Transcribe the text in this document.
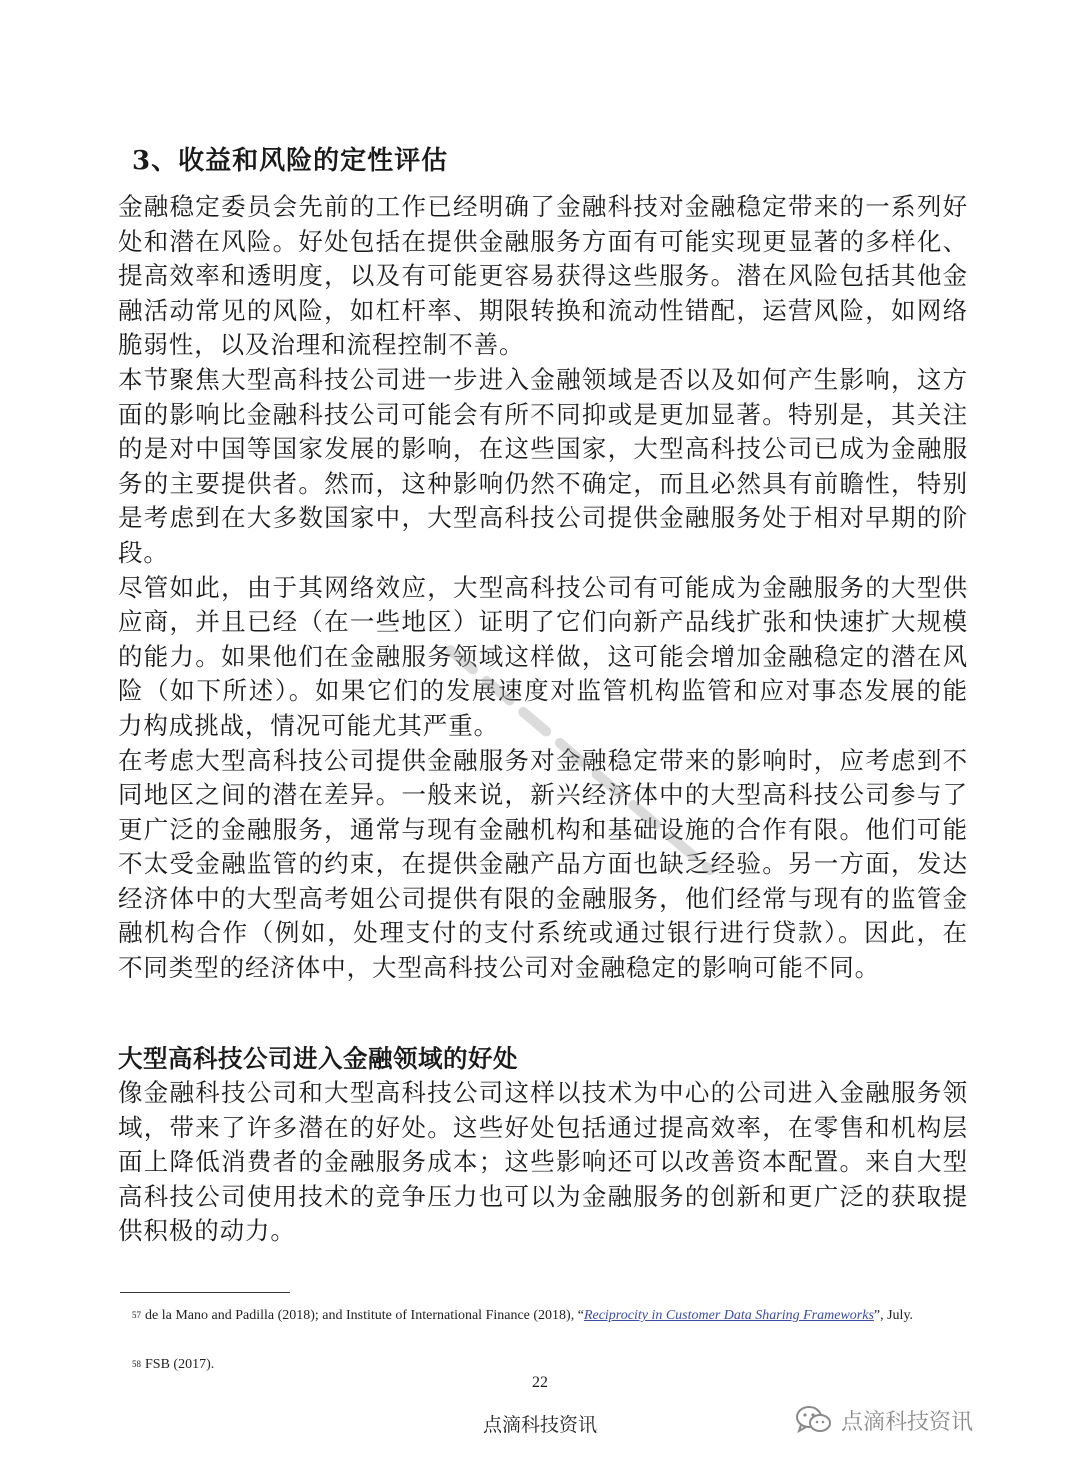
3、收益和风险的定性评估

金融稳定委员会先前的工作已经明确了金融科技对金融稳定带来的一系列好处和潜在风险。好处包括在提供金融服务方面有可能实现更显著的多样化、提高效率和透明度，以及有可能更容易获得这些服务。潜在风险包括其他金融活动常见的风险，如杠杆率、期限转换和流动性错配，运营风险，如网络脆弱性，以及治理和流程控制不善。

本节聚焦大型高科技公司进一步进入金融领域是否以及如何产生影响，这方面的影响比金融科技公司可能会有所不同抑或是更加显著。特别是，其关注的是对中国等国家发展的影响，在这些国家，大型高科技公司已成为金融服务的主要提供者。然而，这种影响仍然不确定，而且必然具有前瞻性，特别是考虑到在大多数国家中，大型高科技公司提供金融服务处于相对早期的阶段。

尽管如此，由于其网络效应，大型高科技公司有可能成为金融服务的大型供应商，并且已经（在一些地区）证明了它们向新产品线扩张和快速扩大规模的能力。如果他们在金融服务领域这样做，这可能会增加金融稳定的潜在风险（如下所述）。如果它们的发展速度对监管机构监管和应对事态发展的能力构成挑战，情况可能尤其严重。

在考虑大型高科技公司提供金融服务对金融稳定带来的影响时，应考虑到不同地区之间的潜在差异。一般来说，新兴经济体中的大型高科技公司参与了更广泛的金融服务，通常与现有金融机构和基础设施的合作有限。他们可能不太受金融监管的约束，在提供金融产品方面也缺乏经验。另一方面，发达经济体中的大型高考姐公司提供有限的金融服务，他们经常与现有的监管金融机构合作（例如，处理支付的支付系统或通过银行进行贷款）。因此，在不同类型的经济体中，大型高科技公司对金融稳定的影响可能不同。

大型高科技公司进入金融领域的好处

像金融科技公司和大型高科技公司这样以技术为中心的公司进入金融服务领域，带来了许多潜在的好处。这些好处包括通过提高效率，在零售和机构层面上降低消费者的金融服务成本；这些影响还可以改善资本配置。来自大型高科技公司使用技术的竞争压力也可以为金融服务的创新和更广泛的获取提供积极的动力。

$^{57}$ de la Mano and Padilla (2018); and Institute of International Finance (2018), “Reciprocity in Customer Data Sharing Frameworks”, July.
$^{58}$ FSB (2017).
22
点滴科技资讯	点滴科技资讯
